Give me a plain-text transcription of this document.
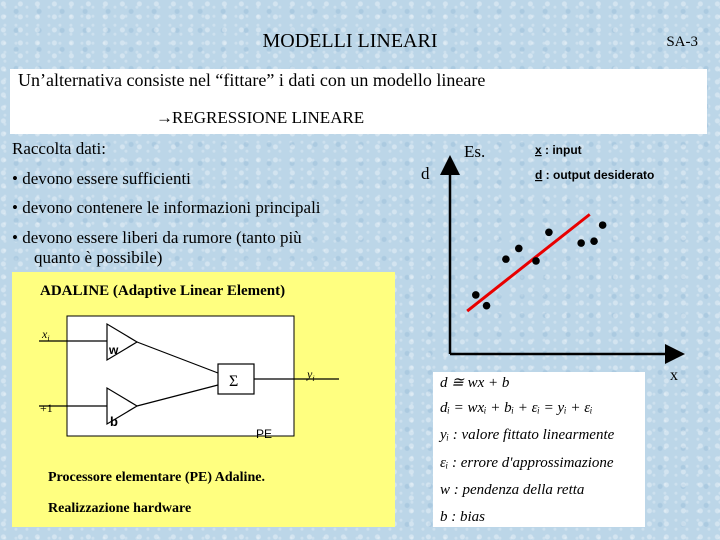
MODELLI LINEARI	SA-3
Un’alternativa consiste nel “fittare” i dati con un modello lineare
→REGRESSIONE LINEARE
Raccolta dati:
• devono essere sufficienti
• devono contenere le informazioni principali
• devono essere liberi da rumore (tanto più
quanto è possibile)
ADALINE (Adaptive Linear Element)
$x_i$
+1
w
b
Σ	$y_i$
PE
Processore elementare (PE) Adaline.
Realizzazione hardware
d
x
Es.	x : input
d : output desiderato
d ≅ wx + b
dᵢ = wxᵢ + bᵢ + εᵢ = yᵢ + εᵢ
yᵢ : valore fittato linearmente
εᵢ : errore d'approssimazione
w : pendenza della retta
b : bias
